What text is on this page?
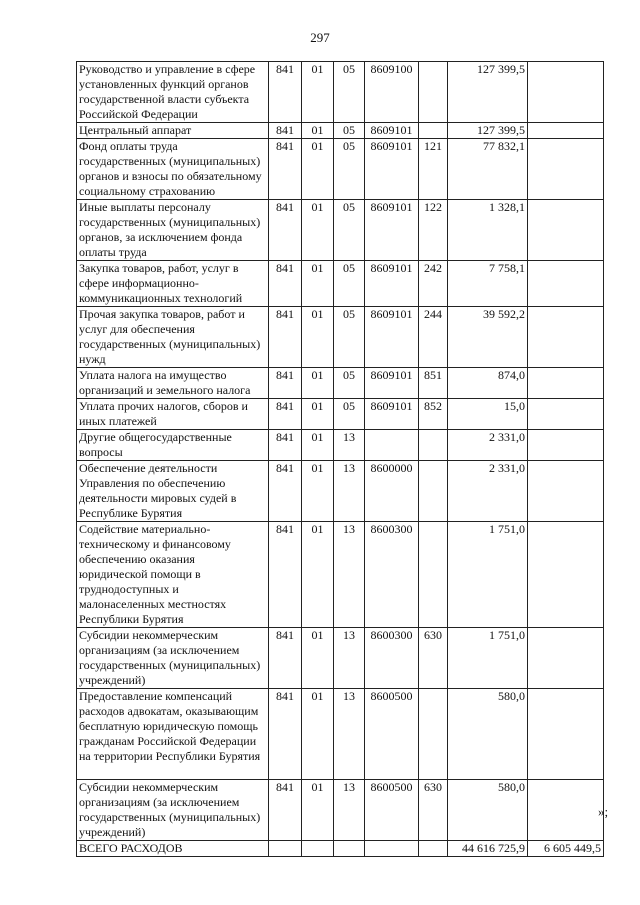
297
Руководство и управление в сфере установленных функций органов государственной власти субъекта Российской Федерации	841	01	05	8609100		127 399,5	
Центральный аппарат	841	01	05	8609101		127 399,5	
Фонд оплаты труда государственных (муниципальных) органов и взносы по обязательному социальному страхованию	841	01	05	8609101	121	77 832,1	
Иные выплаты персоналу государственных (муниципальных) органов, за исключением фонда оплаты труда	841	01	05	8609101	122	1 328,1	
Закупка товаров, работ, услуг в сфере информационно-коммуникационных технологий	841	01	05	8609101	242	7 758,1	
Прочая закупка товаров, работ и услуг для обеспечения государственных (муниципальных) нужд	841	01	05	8609101	244	39 592,2	
Уплата налога на имущество организаций и земельного налога	841	01	05	8609101	851	874,0	
Уплата прочих налогов, сборов и иных платежей	841	01	05	8609101	852	15,0	
Другие общегосударственные вопросы	841	01	13			2 331,0	
Обеспечение деятельности Управления по обеспечению деятельности мировых судей в Республике Бурятия	841	01	13	8600000		2 331,0	
Содействие материально-техническому и финансовому обеспечению оказания юридической помощи в труднодоступных и малонаселенных местностях Республики Бурятия	841	01	13	8600300		1 751,0	
Субсидии некоммерческим организациям (за исключением государственных (муниципальных) учреждений)	841	01	13	8600300	630	1 751,0	
Предоставление компенсаций расходов адвокатам, оказывающим бесплатную юридическую помощь гражданам Российской Федерации на территории Республики Бурятия	841	01	13	8600500		580,0	
Субсидии некоммерческим организациям (за исключением государственных (муниципальных) учреждений)	841	01	13	8600500	630	580,0	
ВСЕГО РАСХОДОВ						44 616 725,9	6 605 449,5
»;
